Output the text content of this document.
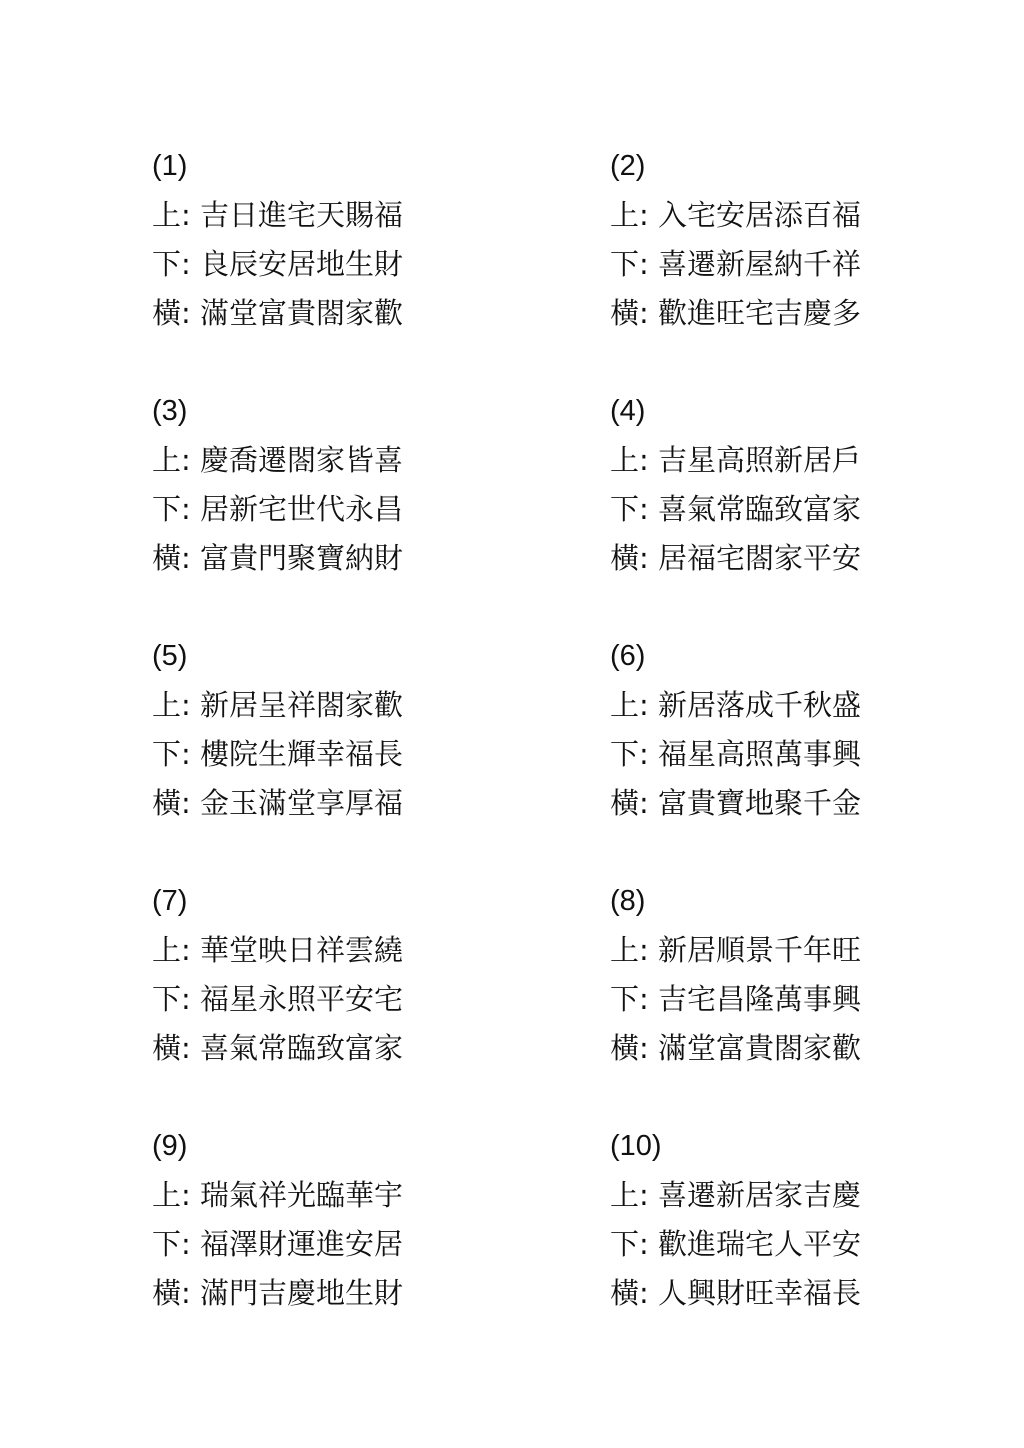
(1)
上: 吉日進宅天賜福
下: 良辰安居地生財
橫: 滿堂富貴閤家歡
(2)
上: 入宅安居添百福
下: 喜遷新屋納千祥
橫: 歡進旺宅吉慶多
(3)
上: 慶喬遷閤家皆喜
下: 居新宅世代永昌
橫: 富貴門聚寶納財
(4)
上: 吉星高照新居戶
下: 喜氣常臨致富家
橫: 居福宅閤家平安
(5)
上: 新居呈祥閤家歡
下: 樓院生輝幸福長
橫: 金玉滿堂享厚福
(6)
上: 新居落成千秋盛
下: 福星高照萬事興
橫: 富貴寶地聚千金
(7)
上: 華堂映日祥雲繞
下: 福星永照平安宅
橫: 喜氣常臨致富家
(8)
上: 新居順景千年旺
下: 吉宅昌隆萬事興
橫: 滿堂富貴閤家歡
(9)
上: 瑞氣祥光臨華宇
下: 福澤財運進安居
橫: 滿門吉慶地生財
(10)
上: 喜遷新居家吉慶
下: 歡進瑞宅人平安
橫: 人興財旺幸福長
